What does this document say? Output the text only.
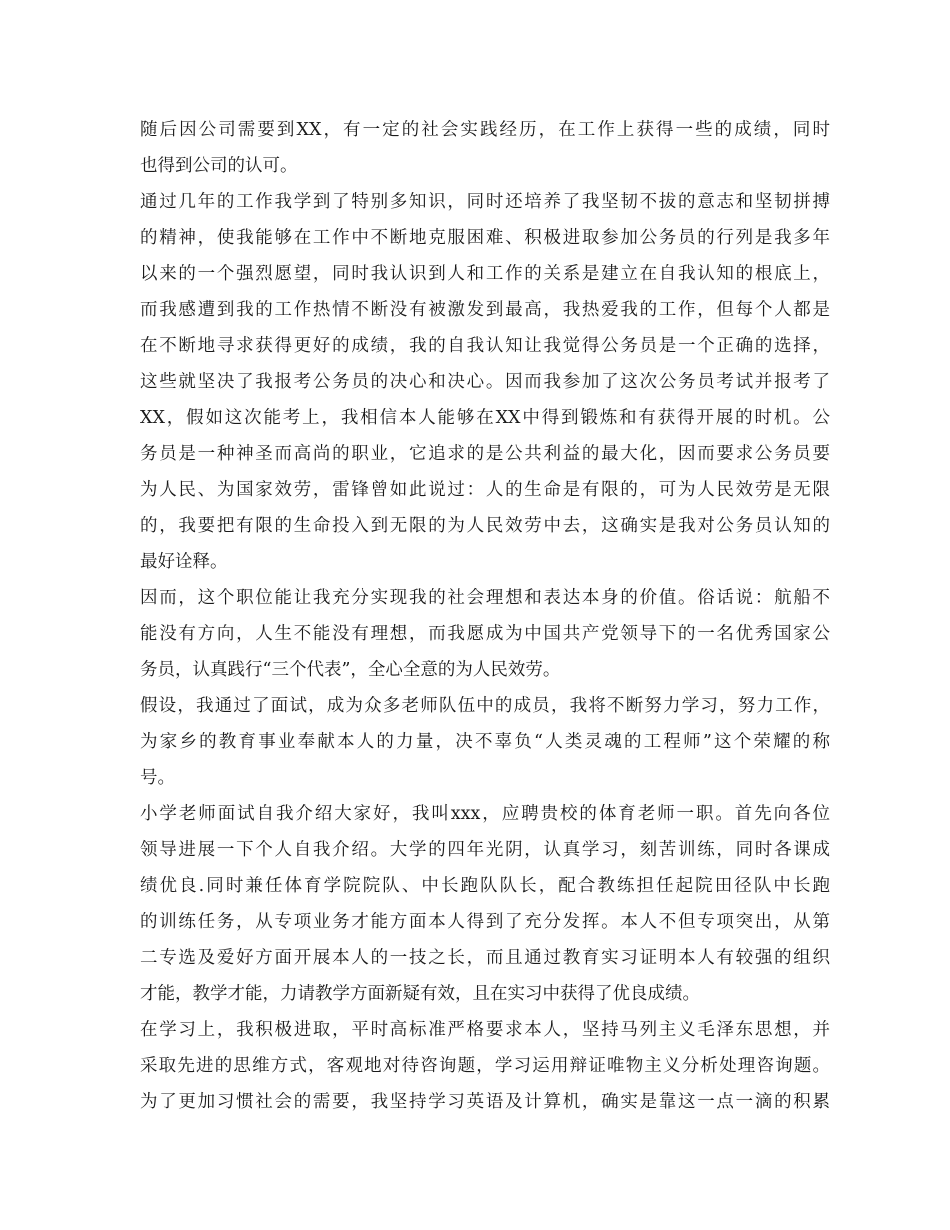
随后因公司需要到XX，有一定的社会实践经历，在工作上获得一些的成绩，同时
也得到公司的认可。
通过几年的工作我学到了特别多知识，同时还培养了我坚韧不拔的意志和坚韧拼搏
的精神，使我能够在工作中不断地克服困难、积极进取参加公务员的行列是我多年
以来的一个强烈愿望，同时我认识到人和工作的关系是建立在自我认知的根底上，
而我感遭到我的工作热情不断没有被激发到最高，我热爱我的工作，但每个人都是
在不断地寻求获得更好的成绩，我的自我认知让我觉得公务员是一个正确的选择，
这些就坚决了我报考公务员的决心和决心。因而我参加了这次公务员考试并报考了
XX，假如这次能考上，我相信本人能够在XX中得到锻炼和有获得开展的时机。公
务员是一种神圣而高尚的职业，它追求的是公共利益的最大化，因而要求公务员要
为人民、为国家效劳，雷锋曾如此说过：人的生命是有限的，可为人民效劳是无限
的，我要把有限的生命投入到无限的为人民效劳中去，这确实是我对公务员认知的
最好诠释。
因而，这个职位能让我充分实现我的社会理想和表达本身的价值。俗话说：航船不
能没有方向，人生不能没有理想，而我愿成为中国共产党领导下的一名优秀国家公
务员，认真践行“三个代表”，全心全意的为人民效劳。
假设，我通过了面试，成为众多老师队伍中的成员，我将不断努力学习，努力工作，
为家乡的教育事业奉献本人的力量，决不辜负“人类灵魂的工程师”这个荣耀的称
号。
小学老师面试自我介绍大家好，我叫xxx，应聘贵校的体育老师一职。首先向各位
领导进展一下个人自我介绍。大学的四年光阴，认真学习，刻苦训练，同时各课成
绩优良.同时兼任体育学院院队、中长跑队队长，配合教练担任起院田径队中长跑
的训练任务，从专项业务才能方面本人得到了充分发挥。本人不但专项突出，从第
二专选及爱好方面开展本人的一技之长，而且通过教育实习证明本人有较强的组织
才能，教学才能，力请教学方面新疑有效，且在实习中获得了优良成绩。
在学习上，我积极进取，平时高标准严格要求本人，坚持马列主义毛泽东思想，并
采取先进的思维方式，客观地对待咨询题，学习运用辩证唯物主义分析处理咨询题。
为了更加习惯社会的需要，我坚持学习英语及计算机，确实是靠这一点一滴的积累
